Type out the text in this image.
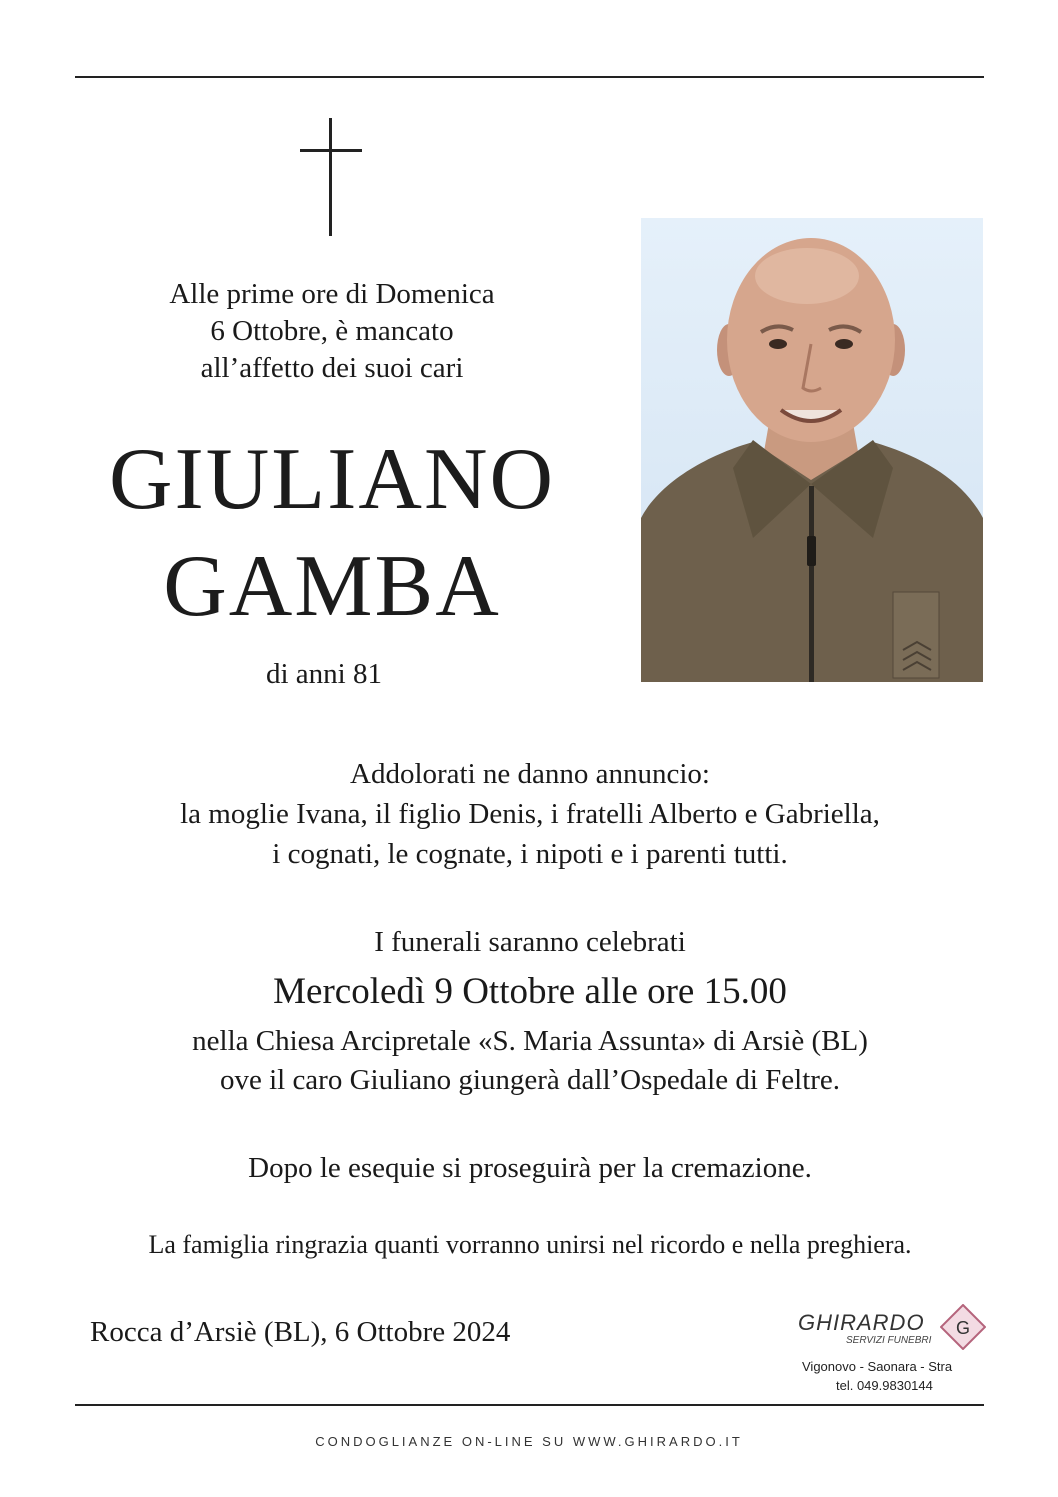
Alle prime ore di Domenica
6 Ottobre, è mancato
all’affetto dei suoi cari
GIULIANO
GAMBA
di anni 81
Addolorati ne danno annuncio:
la moglie Ivana, il figlio Denis, i fratelli Alberto e Gabriella,
i cognati, le cognate, i nipoti e i parenti tutti.
I funerali saranno celebrati
Mercoledì 9 Ottobre alle ore 15.00
nella Chiesa Arcipretale «S. Maria Assunta» di Arsiè (BL)
ove il caro Giuliano giungerà dall’Ospedale di Feltre.
Dopo le esequie si proseguirà per la cremazione.
La famiglia ringrazia quanti vorranno unirsi nel ricordo e nella preghiera.
Rocca d’Arsiè (BL), 6 Ottobre 2024	GHIRARDO
SERVIZI FUNEBRI
G
Vigonovo - Saonara - Stra
tel. 049.9830144
CONDOGLIANZE ON-LINE SU WWW.GHIRARDO.IT
